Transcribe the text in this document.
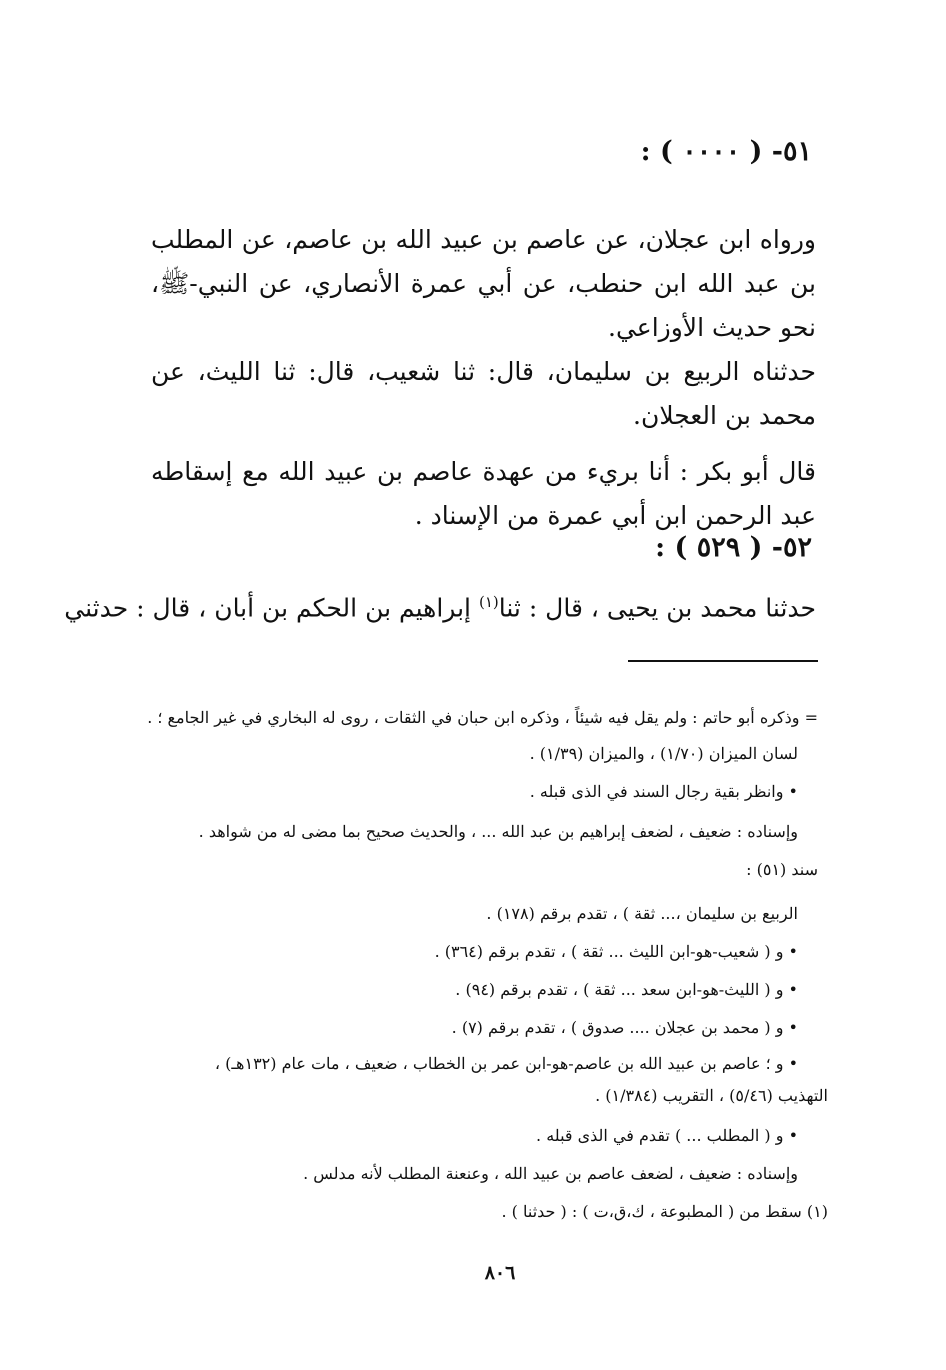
٥١- ( ٠٠٠٠ ) :

ورواه ابن عجلان، عن عاصم بن عبيد الله بن عاصم، عن المطلب بن عبد الله ابن حنطب، عن أبي عمرة الأنصاري، عن النبي-ﷺ، نحو حديث الأوزاعي.

حدثناه الربيع بن سليمان، قال: ثنا شعيب، قال: ثنا الليث، عن محمد بن العجلان.

قال أبو بكر : أنا بريء من عهدة عاصم بن عبيد الله مع إسقاطه عبد الرحمن ابن أبي عمرة من الإسناد .

٥٢- ( ٥٢٩ ) :
حدثنا محمد بن يحيى ، قال : ثنا$^{(١)}$ إبراهيم بن الحكم بن أبان ، قال : حدثني
= وذكره أبو حاتم : ولم يقل فيه شيئاً ، وذكره ابن حبان في الثقات ، روى له البخاري في غير الجامع ؛ .
لسان الميزان (١/٧٠) ، والميزان (١/٣٩) .
• وانظر بقية رجال السند في الذى قبله .
وإسناده : ضعيف ، لضعف إبراهيم بن عبد الله ... ، والحديث صحيح بما مضى له من شواهد .
سند (٥١) :
الربيع بن سليمان ،... ثقة ) ، تقدم برقم (١٧٨) .
• و ( شعيب-هو-ابن الليث ... ثقة ) ، تقدم برقم (٣٦٤) .
• و ( الليث-هو-ابن سعد ... ثقة ) ، تقدم برقم (٩٤) .
• و ( محمد بن عجلان .... صدوق ) ، تقدم برقم (٧) .
• و ؛ عاصم بن عبيد الله بن عاصم-هو-ابن عمر بن الخطاب ، ضعيف ، مات عام (١٣٢هـ) ،
التهذيب (٥/٤٦) ، التقريب (١/٣٨٤) .
• و ( المطلب ... ) تقدم في الذى قبله .
وإسناده : ضعيف ، لضعف عاصم بن عبيد الله ، وعنعنة المطلب لأنه مدلس .
(١) سقط من ( المطبوعة ، ك،ق،ت ) : ( حدثنا ) .
٨٠٦
